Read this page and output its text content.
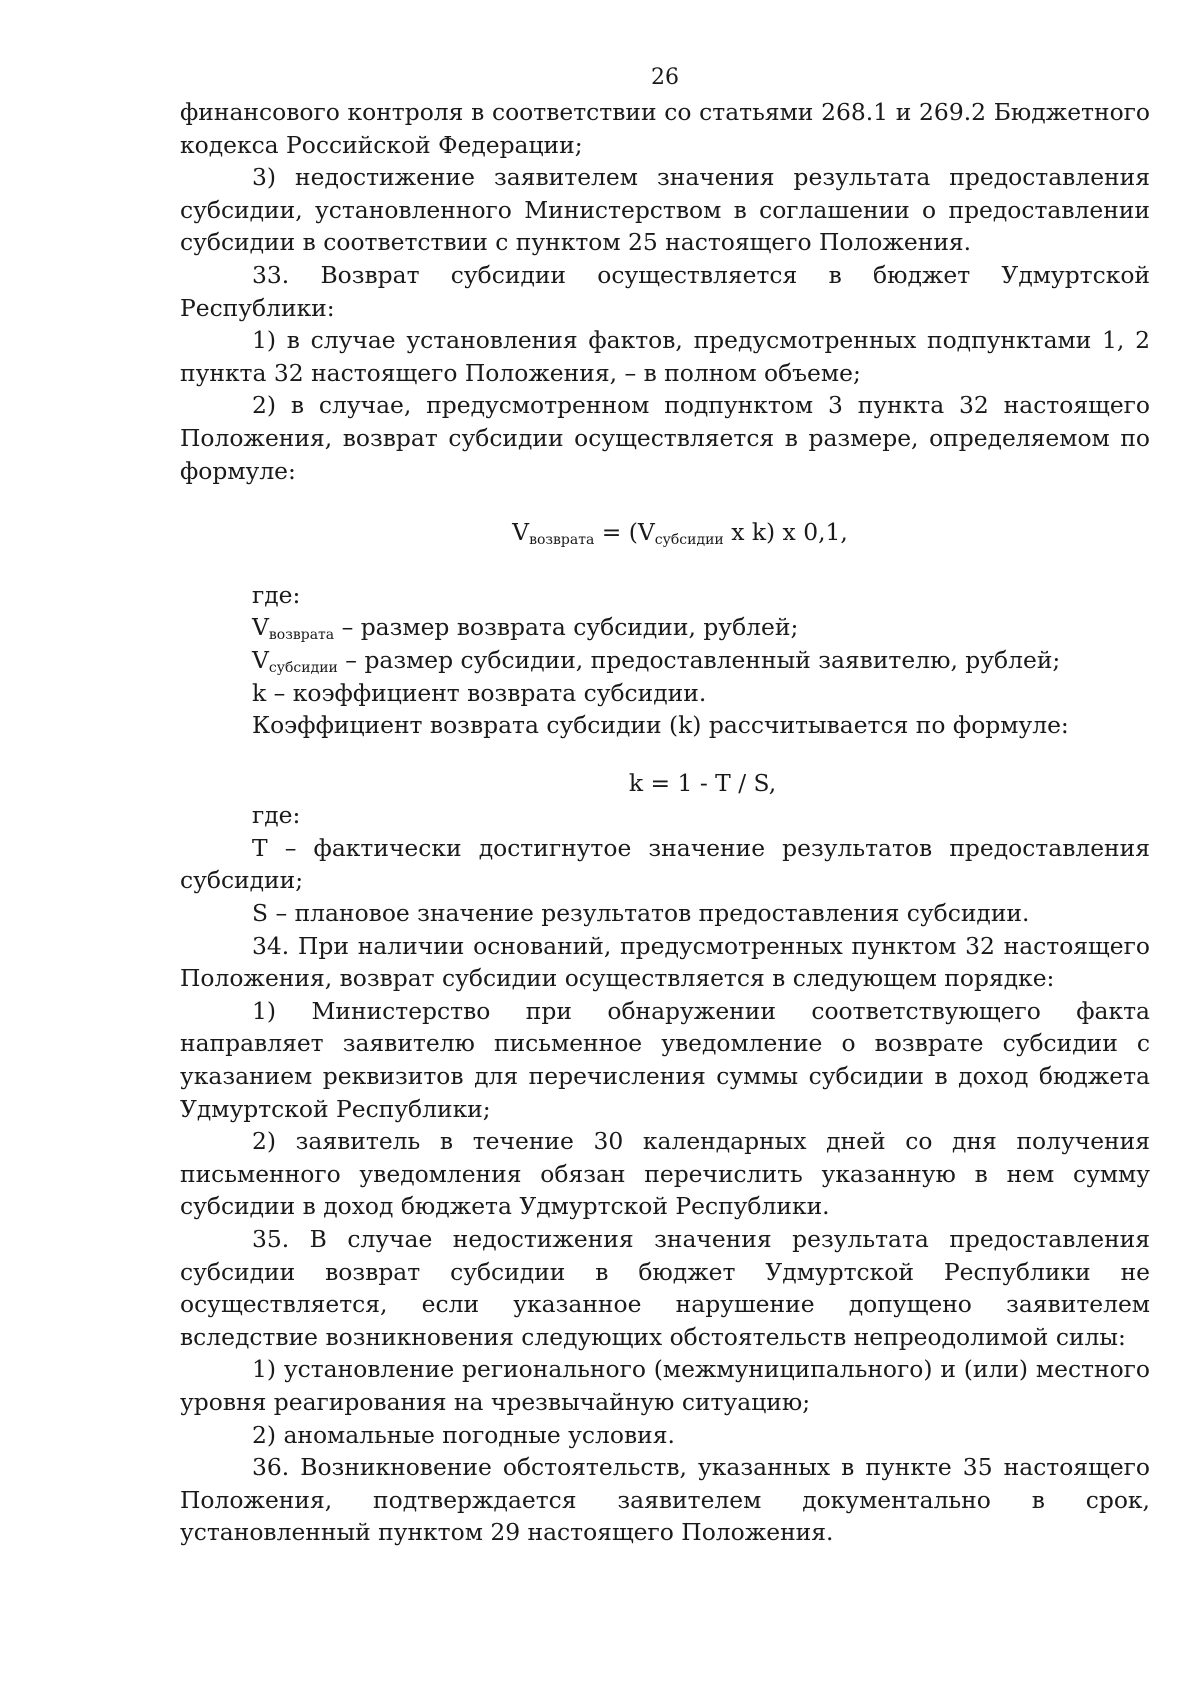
26

финансового контроля в соответствии со статьями 268.1 и 269.2 Бюджетного кодекса Российской Федерации;

3) недостижение заявителем значения результата предоставления субсидии, установленного Министерством в соглашении о предоставлении субсидии в соответствии с пунктом 25 настоящего Положения.

33. Возврат субсидии осуществляется в бюджет Удмуртской Республики:

1) в случае установления фактов, предусмотренных подпунктами 1, 2 пункта 32 настоящего Положения, – в полном объеме;

2) в случае, предусмотренном подпунктом 3 пункта 32 настоящего Положения, возврат субсидии осуществляется в размере, определяемом по формуле:

$V_{возврата} = (V_{субсидии}$ x k) x 0,1,

где:

$V_{возврата}$ – размер возврата субсидии, рублей;

$V_{субсидии}$ – размер субсидии, предоставленный заявителю, рублей;

k – коэффициент возврата субсидии.

Коэффициент возврата субсидии (k) рассчитывается по формуле:

k = 1 - T / S,

где:

Т – фактически достигнутое значение результатов предоставления субсидии;

S – плановое значение результатов предоставления субсидии.

34. При наличии оснований, предусмотренных пунктом 32 настоящего Положения, возврат субсидии осуществляется в следующем порядке:

1) Министерство при обнаружении соответствующего факта направляет заявителю письменное уведомление о возврате субсидии с указанием реквизитов для перечисления суммы субсидии в доход бюджета Удмуртской Республики;

2) заявитель в течение 30 календарных дней со дня получения письменного уведомления обязан перечислить указанную в нем сумму субсидии в доход бюджета Удмуртской Республики.

35. В случае недостижения значения результата предоставления субсидии возврат субсидии в бюджет Удмуртской Республики не осуществляется, если указанное нарушение допущено заявителем вследствие возникновения следующих обстоятельств непреодолимой силы:

1) установление регионального (межмуниципального) и (или) местного уровня реагирования на чрезвычайную ситуацию;

2) аномальные погодные условия.

36. Возникновение обстоятельств, указанных в пункте 35 настоящего Положения, подтверждается заявителем документально в срок, установленный пунктом 29 настоящего Положения.
